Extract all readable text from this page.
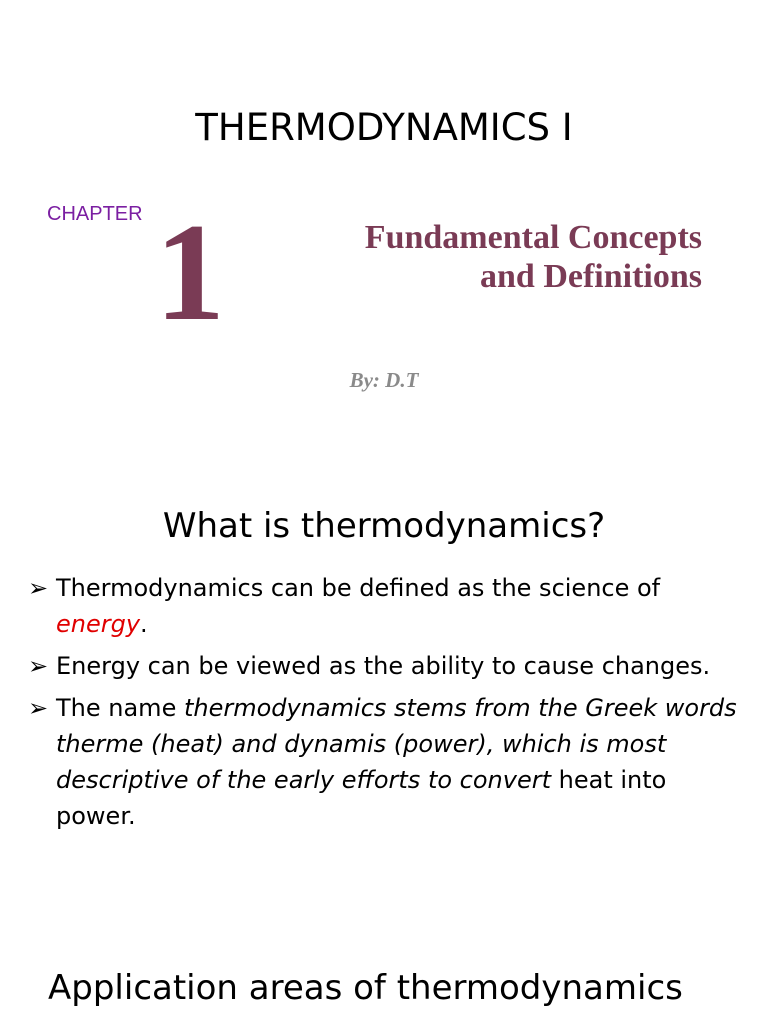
THERMODYNAMICS I
CHAPTER 1	Fundamental Concepts
and Definitions
By: D.T
What is thermodynamics?
➢ Thermodynamics can be defined as the science of
energy.
➢ Energy can be viewed as the ability to cause changes.
➢ The name thermodynamics stems from the Greek words therme (heat) and dynamis (power), which is most descriptive of the early efforts to convert heat into power.
Application areas of thermodynamics
